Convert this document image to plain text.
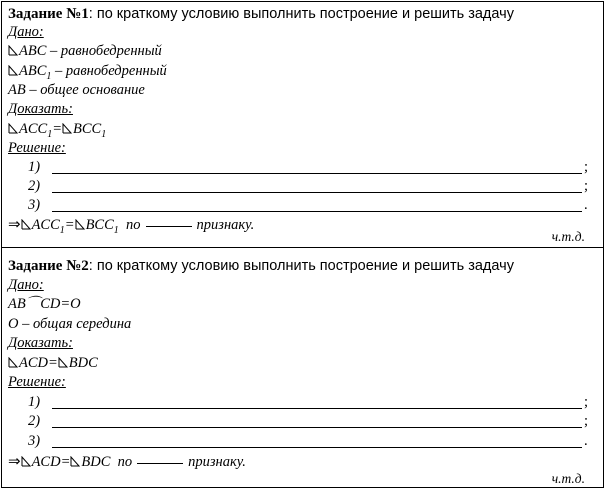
Задание №1: по краткому условию выполнить построение и решить задачу
Дано:
ABC – равнобедренный
$ABC_1$ – равнобедренный
AB – общее основание
Доказать:
$ACC_1= BCC_1$
Решение:
1)	;
2)	;
3)	.
⇒ $ACC_1= BCC_1$ по	признаку.
ч.т.д.
Задание №2: по краткому условию выполнить построение и решить задачу
Дано:
AB⌒CD=O
O – общая середина
Доказать:
ACD= BDC
Решение:
1)	;
2)	;
3)	.
⇒ ACD= BDC по	признаку.
ч.т.д.
